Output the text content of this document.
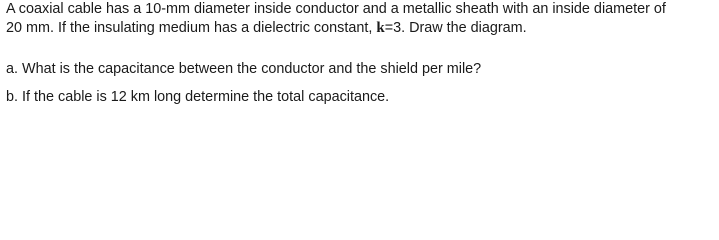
A coaxial cable has a 10-mm diameter inside conductor and a metallic sheath with an inside diameter of
20 mm. If the insulating medium has a dielectric constant, k=3. Draw the diagram.
a. What is the capacitance between the conductor and the shield per mile?
b. If the cable is 12 km long determine the total capacitance.
